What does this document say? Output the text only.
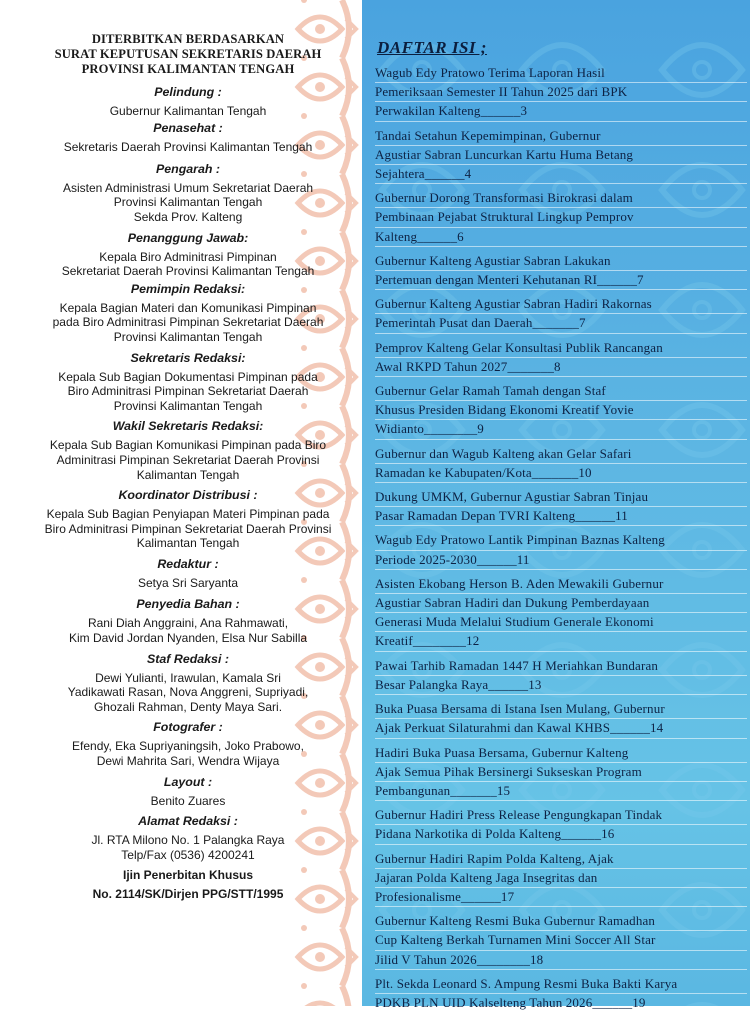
DITERBITKAN BERDASARKAN
SURAT KEPUTUSAN SEKRETARIS DAERAH
PROVINSI KALIMANTAN TENGAH
Pelindung :
Gubernur Kalimantan Tengah
Penasehat :
Sekretaris Daerah Provinsi Kalimantan Tengah
Pengarah :
Asisten Administrasi Umum Sekretariat Daerah
Provinsi Kalimantan Tengah
Sekda Prov. Kalteng
Penanggung Jawab:
Kepala Biro Adminitrasi Pimpinan
Sekretariat Daerah Provinsi Kalimantan Tengah
Pemimpin Redaksi:
Kepala Bagian Materi dan Komunikasi Pimpinan
pada Biro Adminitrasi Pimpinan Sekretariat Daerah
Provinsi Kalimantan Tengah
Sekretaris Redaksi:
Kepala Sub Bagian Dokumentasi Pimpinan pada
Biro Adminitrasi Pimpinan Sekretariat Daerah
Provinsi Kalimantan Tengah
Wakil Sekretaris Redaksi:
Kepala Sub Bagian Komunikasi Pimpinan pada Biro
Adminitrasi Pimpinan Sekretariat Daerah Provinsi
Kalimantan Tengah
Koordinator Distribusi :
Kepala Sub Bagian Penyiapan Materi Pimpinan pada
Biro Adminitrasi Pimpinan Sekretariat Daerah Provinsi
Kalimantan Tengah
Redaktur :
Setya Sri Saryanta
Penyedia Bahan :
Rani Diah Anggraini, Ana Rahmawati,
Kim David Jordan Nyanden, Elsa Nur Sabilla
Staf Redaksi :
Dewi Yulianti, Irawulan, Kamala Sri
Yadikawati Rasan, Nova Anggreni, Supriyadi,
Ghozali Rahman, Denty Maya Sari.
Fotografer :
Efendy, Eka Supriyaningsih, Joko Prabowo,
Dewi Mahrita Sari, Wendra Wijaya
Layout :
Benito Zuares
Alamat Redaksi :
Jl. RTA Milono No. 1 Palangka Raya
Telp/Fax (0536) 4200241
Ijin Penerbitan Khusus
No. 2114/SK/Dirjen PPG/STT/1995
DAFTAR ISI ;
Wagub Edy Pratowo Terima Laporan Hasil
Pemeriksaan Semester II Tahun 2025 dari BPK
Perwakilan Kalteng______3
Tandai Setahun Kepemimpinan, Gubernur
Agustiar Sabran Luncurkan Kartu Huma Betang
Sejahtera______4
Gubernur Dorong Transformasi Birokrasi dalam
Pembinaan Pejabat Struktural Lingkup Pemprov
Kalteng______6
Gubernur Kalteng Agustiar Sabran Lakukan
Pertemuan dengan Menteri Kehutanan RI______7
Gubernur Kalteng Agustiar Sabran Hadiri Rakornas
Pemerintah Pusat dan Daerah_______7
Pemprov Kalteng Gelar Konsultasi Publik Rancangan
Awal RKPD Tahun 2027_______8
Gubernur Gelar Ramah Tamah dengan Staf
Khusus Presiden Bidang Ekonomi Kreatif Yovie
Widianto________9
Gubernur dan Wagub Kalteng akan Gelar Safari
Ramadan ke Kabupaten/Kota_______10
Dukung UMKM, Gubernur Agustiar Sabran Tinjau
Pasar Ramadan Depan TVRI Kalteng______11
Wagub Edy Pratowo Lantik Pimpinan Baznas Kalteng
Periode 2025-2030______11
Asisten Ekobang Herson B. Aden Mewakili Gubernur
Agustiar Sabran Hadiri dan Dukung Pemberdayaan
Generasi Muda Melalui Studium Generale Ekonomi
Kreatif________12
Pawai Tarhib Ramadan 1447 H Meriahkan Bundaran
Besar Palangka Raya______13
Buka Puasa Bersama di Istana Isen Mulang, Gubernur
Ajak Perkuat Silaturahmi dan Kawal KHBS______14
Hadiri Buka Puasa Bersama, Gubernur Kalteng
Ajak Semua Pihak Bersinergi Sukseskan Program
Pembangunan_______15
Gubernur Hadiri Press Release Pengungkapan Tindak
Pidana Narkotika di Polda Kalteng______16
Gubernur Hadiri Rapim Polda Kalteng, Ajak
Jajaran Polda Kalteng Jaga Insegritas dan
Profesionalisme______17
Gubernur Kalteng Resmi Buka Gubernur Ramadhan
Cup Kalteng Berkah Turnamen Mini Soccer All Star
Jilid V Tahun 2026________18
Plt. Sekda Leonard S. Ampung Resmi Buka Bakti Karya
PDKB PLN UID Kalselteng Tahun 2026______19
